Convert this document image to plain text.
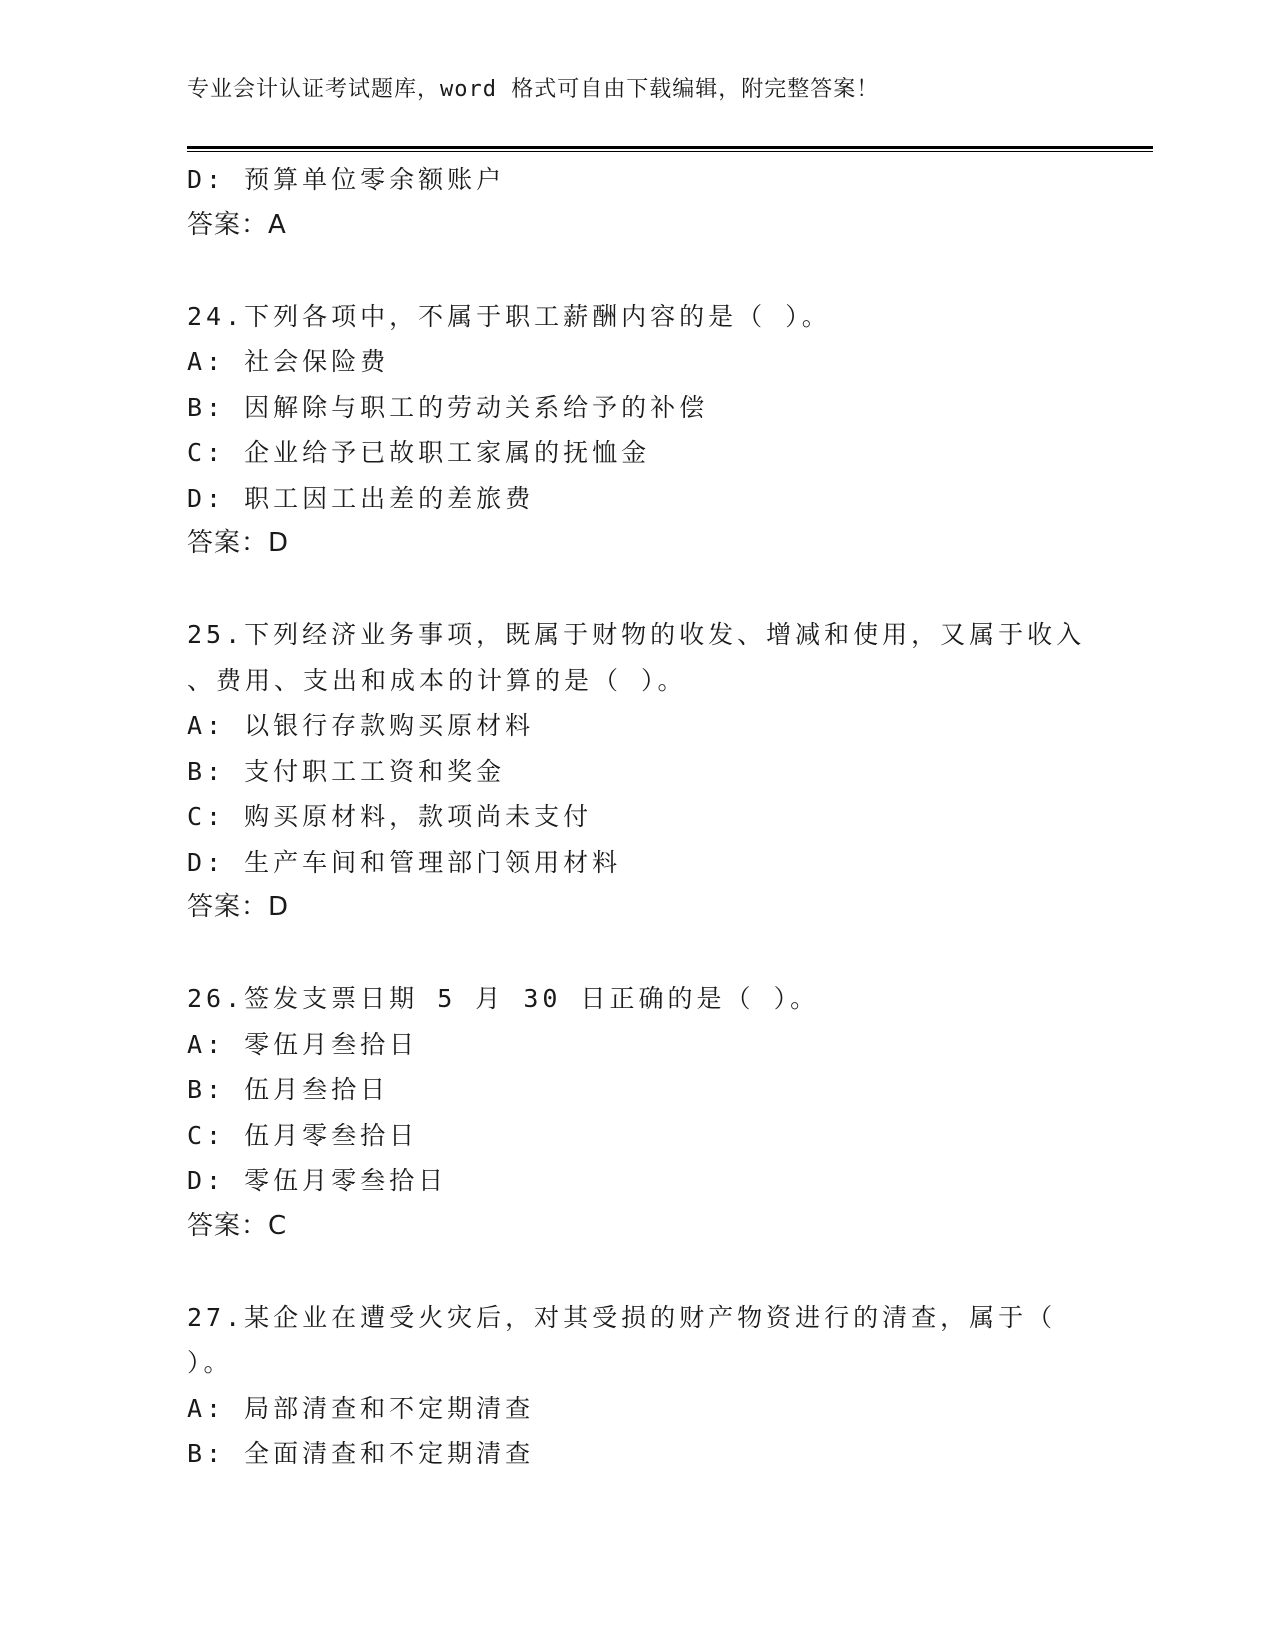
专业会计认证考试题库，word 格式可自由下载编辑，附完整答案！
D: 预算单位零余额账户
答案：A
24.下列各项中，不属于职工薪酬内容的是（ ）。
A: 社会保险费
B: 因解除与职工的劳动关系给予的补偿
C: 企业给予已故职工家属的抚恤金
D: 职工因工出差的差旅费
答案：D
25.下列经济业务事项，既属于财物的收发、增减和使用，又属于收入
、费用、支出和成本的计算的是（ ）。
A: 以银行存款购买原材料
B: 支付职工工资和奖金
C: 购买原材料，款项尚未支付
D: 生产车间和管理部门领用材料
答案：D
26.签发支票日期 5 月 30 日正确的是（ ）。
A: 零伍月叁拾日
B: 伍月叁拾日
C: 伍月零叁拾日
D: 零伍月零叁拾日
答案：C
27.某企业在遭受火灾后，对其受损的财产物资进行的清查，属于（
）。
A: 局部清查和不定期清查
B: 全面清查和不定期清查
